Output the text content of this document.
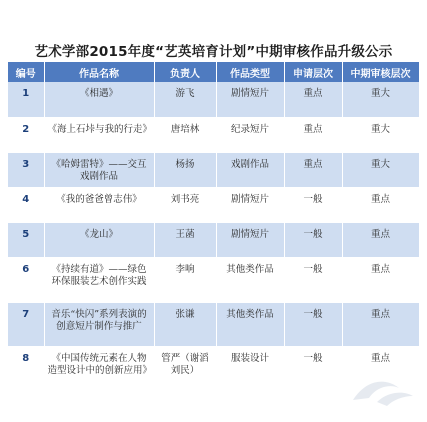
艺术学部2015年度“艺英培育计划”中期审核作品升级公示
编号	作品名称	负责人	作品类型	申请层次	中期审核层次
1	《相遇》	游飞	剧情短片	重点	重大
2	《海上石垰与我的行走》	唐培林	纪录短片	重点	重大
3	《哈姆雷特》——交互戏剧作品	杨扬	戏剧作品	重点	重大
4	《我的爸爸曾志伟》	刘书亮	剧情短片	一般	重点
5	《龙山》	王菡	剧情短片	一般	重点
6	《持续有道》——绿色环保服装艺术创作实践	李响	其他类作品	一般	重点
7	音乐“快闪”系列表演的创意短片制作与推广	张谦	其他类作品	一般	重点
8	《中国传统元素在人物造型设计中的创新应用》	管严（谢滔 刘民）	服装设计	一般	重点
